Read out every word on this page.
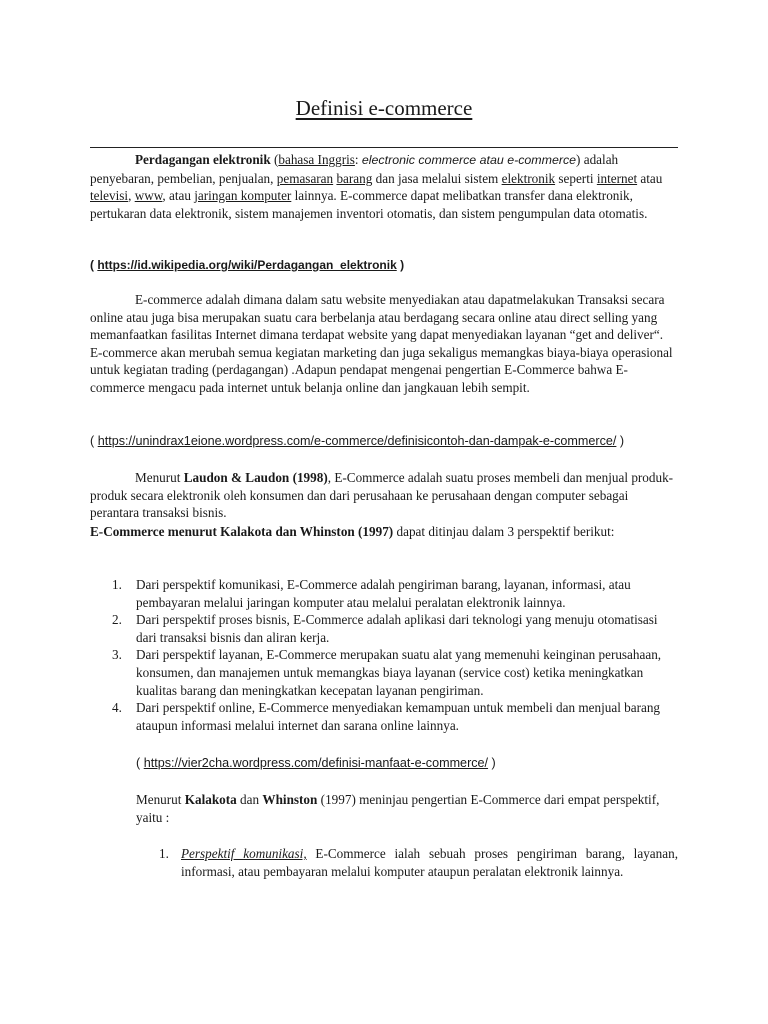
Definisi e-commerce

Perdagangan elektronik (bahasa Inggris: electronic commerce atau e-commerce) adalah penyebaran, pembelian, penjualan, pemasaran barang dan jasa melalui sistem elektronik seperti internet atau televisi, www, atau jaringan komputer lainnya. E-commerce dapat melibatkan transfer dana elektronik, pertukaran data elektronik, sistem manajemen inventori otomatis, dan sistem pengumpulan data otomatis.

( https://id.wikipedia.org/wiki/Perdagangan_elektronik )

E-commerce adalah dimana dalam satu website menyediakan atau dapatmelakukan Transaksi secara online atau juga bisa merupakan suatu cara berbelanja atau berdagang secara online atau direct selling yang memanfaatkan fasilitas Internet dimana terdapat website yang dapat menyediakan layanan “get and deliver“. E-commerce akan merubah semua kegiatan marketing dan juga sekaligus memangkas biaya-biaya operasional untuk kegiatan trading (perdagangan) .Adapun pendapat mengenai pengertian E-Commerce bahwa E-commerce mengacu pada internet untuk belanja online dan jangkauan lebih sempit.

( https://unindrax1eione.wordpress.com/e-commerce/definisicontoh-dan-dampak-e-commerce/ )

Menurut Laudon & Laudon (1998), E-Commerce adalah suatu proses membeli dan menjual produk-produk secara elektronik oleh konsumen dan dari perusahaan ke perusahaan dengan computer sebagai perantara transaksi bisnis.

E-Commerce menurut Kalakota dan Whinston (1997) dapat ditinjau dalam 3 perspektif berikut:

1. Dari perspektif komunikasi, E-Commerce adalah pengiriman barang, layanan, informasi, atau pembayaran melalui jaringan komputer atau melalui peralatan elektronik lainnya.
2. Dari perspektif proses bisnis, E-Commerce adalah aplikasi dari teknologi yang menuju otomatisasi dari transaksi bisnis dan aliran kerja.
3. Dari perspektif layanan, E-Commerce merupakan suatu alat yang memenuhi keinginan perusahaan, konsumen, dan manajemen untuk memangkas biaya layanan (service cost) ketika meningkatkan kualitas barang dan meningkatkan kecepatan layanan pengiriman.
4. Dari perspektif online, E-Commerce menyediakan kemampuan untuk membeli dan menjual barang ataupun informasi melalui internet dan sarana online lainnya.

( https://vier2cha.wordpress.com/definisi-manfaat-e-commerce/ )

Menurut Kalakota dan Whinston (1997) meninjau pengertian E-Commerce dari empat perspektif, yaitu :

1. Perspektif komunikasi, E-Commerce ialah sebuah proses pengiriman barang, layanan, informasi, atau pembayaran melalui komputer ataupun peralatan elektronik lainnya.
